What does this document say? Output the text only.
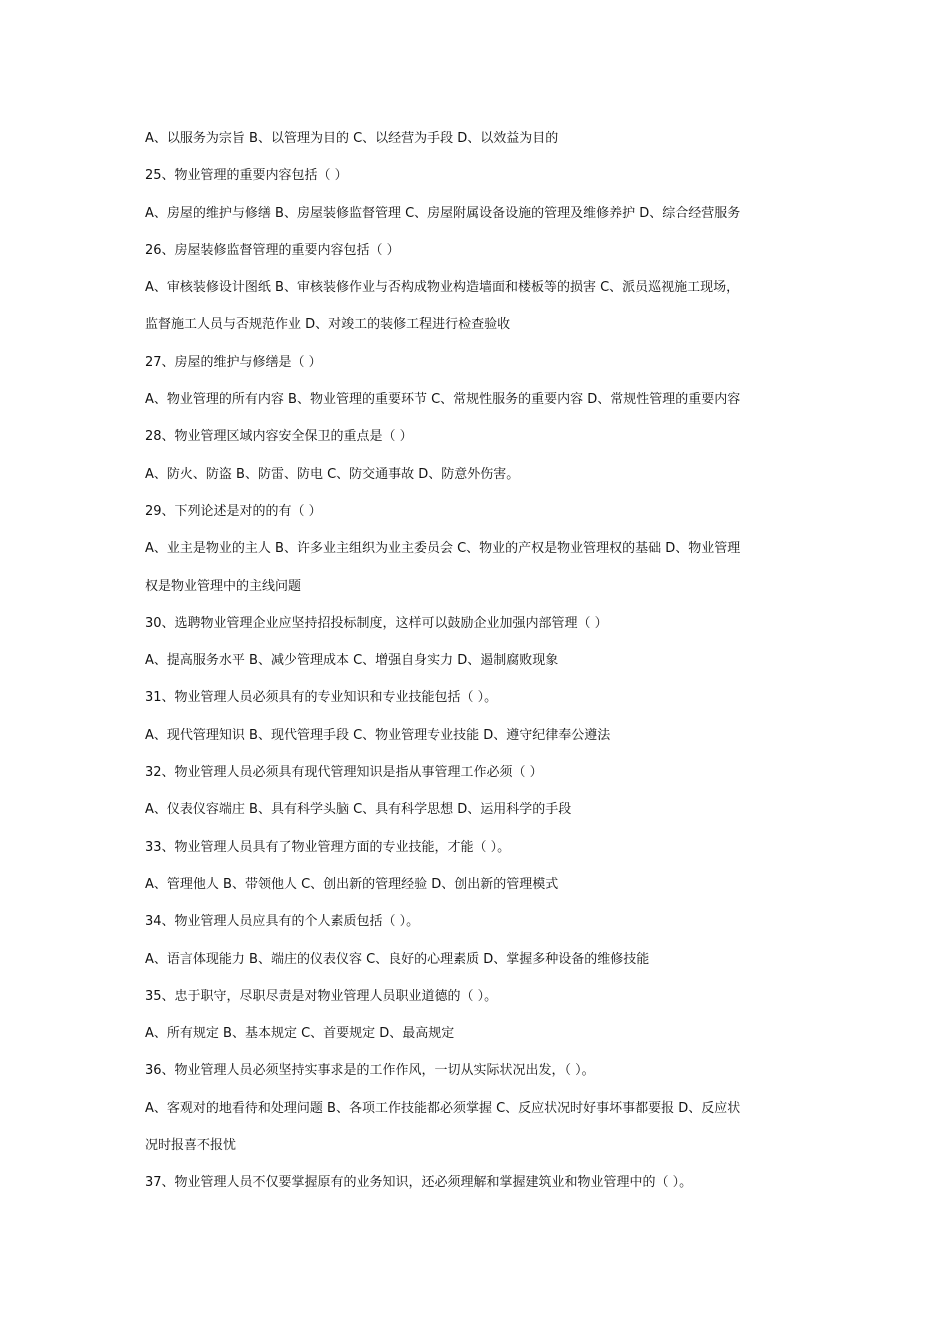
A、以服务为宗旨 B、以管理为目的 C、以经营为手段 D、以效益为目的
25、物业管理的重要内容包括（ ）
A、房屋的维护与修缮 B、房屋装修监督管理 C、房屋附属设备设施的管理及维修养护 D、综合经营服务
26、房屋装修监督管理的重要内容包括（ ）
A、审核装修设计图纸 B、审核装修作业与否构成物业构造墙面和楼板等的损害 C、派员巡视施工现场，
监督施工人员与否规范作业 D、对竣工的装修工程进行检查验收
27、房屋的维护与修缮是（ ）
A、物业管理的所有内容 B、物业管理的重要环节 C、常规性服务的重要内容 D、常规性管理的重要内容
28、物业管理区域内容安全保卫的重点是（ ）
A、防火、防盗 B、防雷、防电 C、防交通事故 D、防意外伤害。
29、下列论述是对的的有（ ）
A、业主是物业的主人 B、许多业主组织为业主委员会 C、物业的产权是物业管理权的基础 D、物业管理
权是物业管理中的主线问题
30、选聘物业管理企业应坚持招投标制度，这样可以鼓励企业加强内部管理（ ）
A、提高服务水平 B、减少管理成本 C、增强自身实力 D、遏制腐败现象
31、物业管理人员必须具有的专业知识和专业技能包括（ ）。
A、现代管理知识 B、现代管理手段 C、物业管理专业技能 D、遵守纪律奉公遵法
32、物业管理人员必须具有现代管理知识是指从事管理工作必须（ ）
A、仪表仪容端庄 B、具有科学头脑 C、具有科学思想 D、运用科学的手段
33、物业管理人员具有了物业管理方面的专业技能，才能（ ）。
A、管理他人 B、带领他人 C、创出新的管理经验 D、创出新的管理模式
34、物业管理人员应具有的个人素质包括（ ）。
A、语言体现能力 B、端庄的仪表仪容 C、良好的心理素质 D、掌握多种设备的维修技能
35、忠于职守，尽职尽责是对物业管理人员职业道德的（ ）。
A、所有规定 B、基本规定 C、首要规定 D、最高规定
36、物业管理人员必须坚持实事求是的工作作风，一切从实际状况出发，（ ）。
A、客观对的地看待和处理问题 B、各项工作技能都必须掌握 C、反应状况时好事坏事都要报 D、反应状
况时报喜不报忧
37、物业管理人员不仅要掌握原有的业务知识，还必须理解和掌握建筑业和物业管理中的（ ）。
